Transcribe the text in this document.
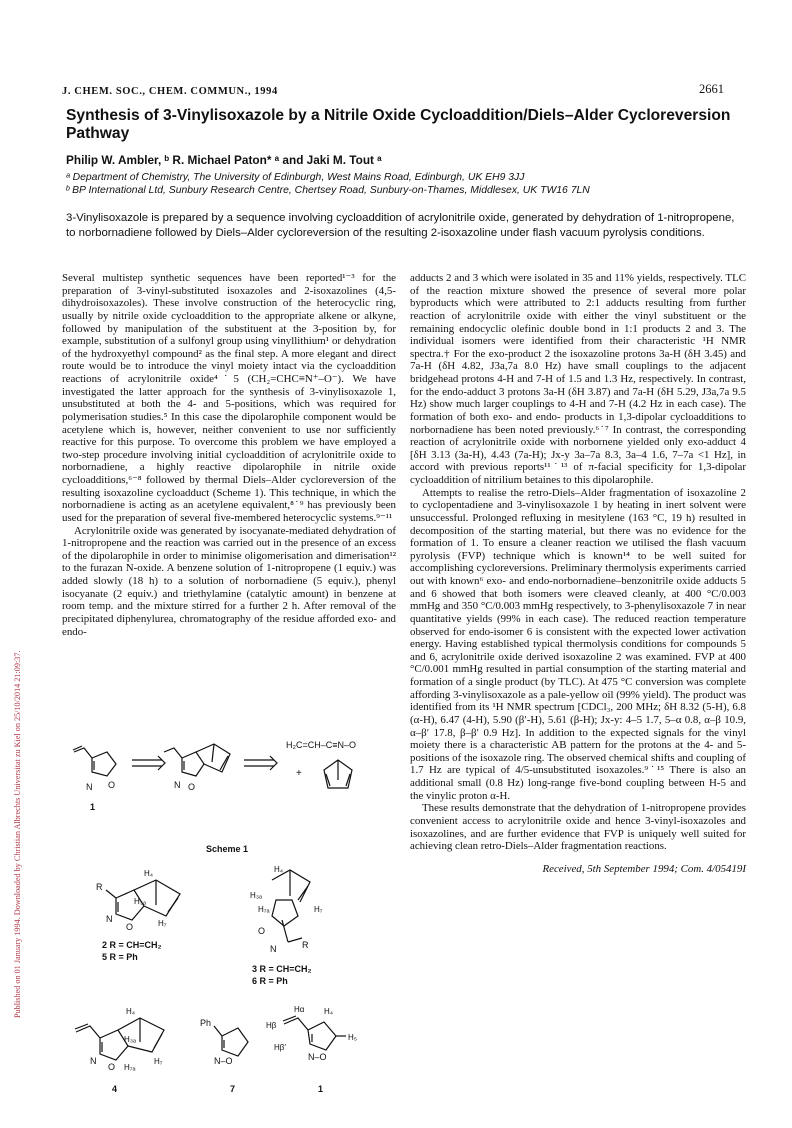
Published on 01 January 1994. Downloaded by Christian Albrechts Universitat zu Kiel on 25/10/2014 21:09:37.
J. CHEM. SOC., CHEM. COMMUN., 1994	2661
Synthesis of 3-Vinylisoxazole by a Nitrile Oxide Cycloaddition/Diels–Alder Cycloreversion Pathway
Philip W. Ambler, ᵇ R. Michael Paton* ᵃ and Jaki M. Tout ᵃ
ᵃ Department of Chemistry, The University of Edinburgh, West Mains Road, Edinburgh, UK EH9 3JJ
ᵇ BP International Ltd, Sunbury Research Centre, Chertsey Road, Sunbury-on-Thames, Middlesex, UK TW16 7LN
3-Vinylisoxazole is prepared by a sequence involving cycloaddition of acrylonitrile oxide, generated by dehydration of 1-nitropropene, to norbornadiene followed by Diels–Alder cycloreversion of the resulting 2-isoxazoline under flash vacuum pyrolysis conditions.

Several multistep synthetic sequences have been reported¹⁻³ for the preparation of 3-vinyl-substituted isoxazoles and 2-isoxazolines (4,5-dihydroisoxazoles). These involve construction of the heterocyclic ring, usually by nitrile oxide cycloaddition to the appropriate alkene or alkyne, followed by manipulation of the substituent at the 3-position by, for example, substitution of a sulfonyl group using vinyllithium¹ or dehydration of the hydroxyethyl compound² as the final step. A more elegant and direct route would be to introduce the vinyl moiety intact via the cycloaddition reactions of acrylonitrile oxide⁴˙5 (CH₂=CHC≡N⁺–O⁻). We have investigated the latter approach for the synthesis of 3-vinylisoxazole 1, unsubstituted at both the 4- and 5-positions, which was required for polymerisation studies.⁵ In this case the dipolarophile component would be acetylene which is, however, neither convenient to use nor sufficiently reactive for this purpose. To overcome this problem we have employed a two-step procedure involving initial cycloaddition of acrylonitrile oxide to norbornadiene, a highly reactive dipolarophile in nitrile oxide cycloadditions,⁶⁻⁸ followed by thermal Diels–Alder cycloreversion of the resulting isoxazoline cycloadduct (Scheme 1). This technique, in which the norbornadiene is acting as an acetylene equivalent,⁸˙⁹ has previously been used for the preparation of several five-membered heterocyclic systems.⁹⁻¹¹

Acrylonitrile oxide was generated by isocyanate-mediated dehydration of 1-nitropropene and the reaction was carried out in the presence of an excess of the dipolarophile in order to minimise oligomerisation and dimerisation¹² to the furazan N-oxide. A benzene solution of 1-nitropropene (1 equiv.) was added slowly (18 h) to a solution of norbornadiene (5 equiv.), phenyl isocyanate (2 equiv.) and triethylamine (catalytic amount) in benzene at room temp. and the mixture stirred for a further 2 h. After removal of the precipitated diphenylurea, chromatography of the residue afforded exo- and endo-

adducts 2 and 3 which were isolated in 35 and 11% yields, respectively. TLC of the reaction mixture showed the presence of several more polar byproducts which were attributed to 2:1 adducts resulting from further reaction of acrylonitrile oxide with either the vinyl substituent or the remaining endocyclic olefinic double bond in 1:1 products 2 and 3. The individual isomers were identified from their characteristic ¹H NMR spectra.† For the exo-product 2 the isoxazoline protons 3a-H (δH 3.45) and 7a-H (δH 4.82, J3a,7a 8.0 Hz) have small couplings to the adjacent bridgehead protons 4-H and 7-H of 1.5 and 1.3 Hz, respectively. In contrast, for the endo-adduct 3 protons 3a-H (δH 3.87) and 7a-H (δH 5.29, J3a,7a 9.5 Hz) show much larger couplings to 4-H and 7-H (4.2 Hz in each case). The formation of both exo- and endo- products in 1,3-dipolar cycloadditions to norbornadiene has been noted previously.⁶˙⁷ In contrast, the corresponding reaction of acrylonitrile oxide with norbornene yielded only exo-adduct 4 [δH 3.13 (3a-H), 4.43 (7a-H); Jx-y 3a–7a 8.3, 3a–4 1.6, 7–7a <1 Hz], in accord with previous reports¹¹˙¹³ of π-facial specificity for 1,3-dipolar cycloaddition of nitrilium betaines to this dipolarophile.

Attempts to realise the retro-Diels–Alder fragmentation of isoxazoline 2 to cyclopentadiene and 3-vinylisoxazole 1 by heating in inert solvent were unsuccessful. Prolonged refluxing in mesitylene (163 °C, 19 h) resulted in decomposition of the starting material, but there was no evidence for the formation of 1. To ensure a cleaner reaction we utilised the flash vacuum pyrolysis (FVP) technique which is known¹⁴ to be well suited for accomplishing cycloreversions. Preliminary thermolysis experiments carried out with known⁶ exo- and endo-norbornadiene–benzonitrile oxide adducts 5 and 6 showed that both isomers were cleaved cleanly, at 400 °C/0.003 mmHg and 350 °C/0.003 mmHg respectively, to 3-phenylisoxazole 7 in near quantitative yields (99% in each case). The reduced reaction temperature observed for endo-isomer 6 is consistent with the expected lower activation energy. Having established typical thermolysis conditions for compounds 5 and 6, acrylonitrile oxide derived isoxazoline 2 was examined. FVP at 400 °C/0.001 mmHg resulted in partial consumption of the starting material and formation of a single product (by TLC). At 475 °C conversion was complete affording 3-vinylisoxazole as a pale-yellow oil (99% yield). The product was identified from its ¹H NMR spectrum [CDCl₃, 200 MHz; δH 8.32 (5-H), 6.8 (α-H), 6.47 (4-H), 5.90 (β′-H), 5.61 (β-H); Jx-y: 4–5 1.7, 5–α 0.8, α–β 10.9, α–β′ 17.8, β–β′ 0.9 Hz]. In addition to the expected signals for the vinyl moiety there is a characteristic AB pattern for the protons at the 4- and 5-positions of the isoxazole ring. The observed chemical shifts and coupling of 1.7 Hz are typical of 4/5-unsubstituted isoxazoles.⁹˙¹⁵ There is also an additional small (0.8 Hz) long-range five-bond coupling between H-5 and the vinylic proton α-H.

These results demonstrate that the dehydration of 1-nitropropene provides convenient access to acrylonitrile oxide and hence 3-vinyl-isoxazoles and isoxazolines, and are further evidence that FVP is uniquely well suited for achieving clean retro-Diels–Alder fragmentation reactions.

Received, 5th September 1994; Com. 4/05419I

N O
1
N O
H₂C=CH–C≡N–O
+
Scheme 1
R
N
O
H₄
H₃ₐ
H₇
2 R = CH=CH₂
5 R = Ph
H₄
H₃ₐ
H₇ₐ	H₇
R
O
N
3 R = CH=CH₂
6 R = Ph
N
O
H₄
H₃ₐ
H₇ₐ
H₇
4
Ph
N–O
7
Hα H₄
Hβ
Hβ′
H₅
N–O
1
